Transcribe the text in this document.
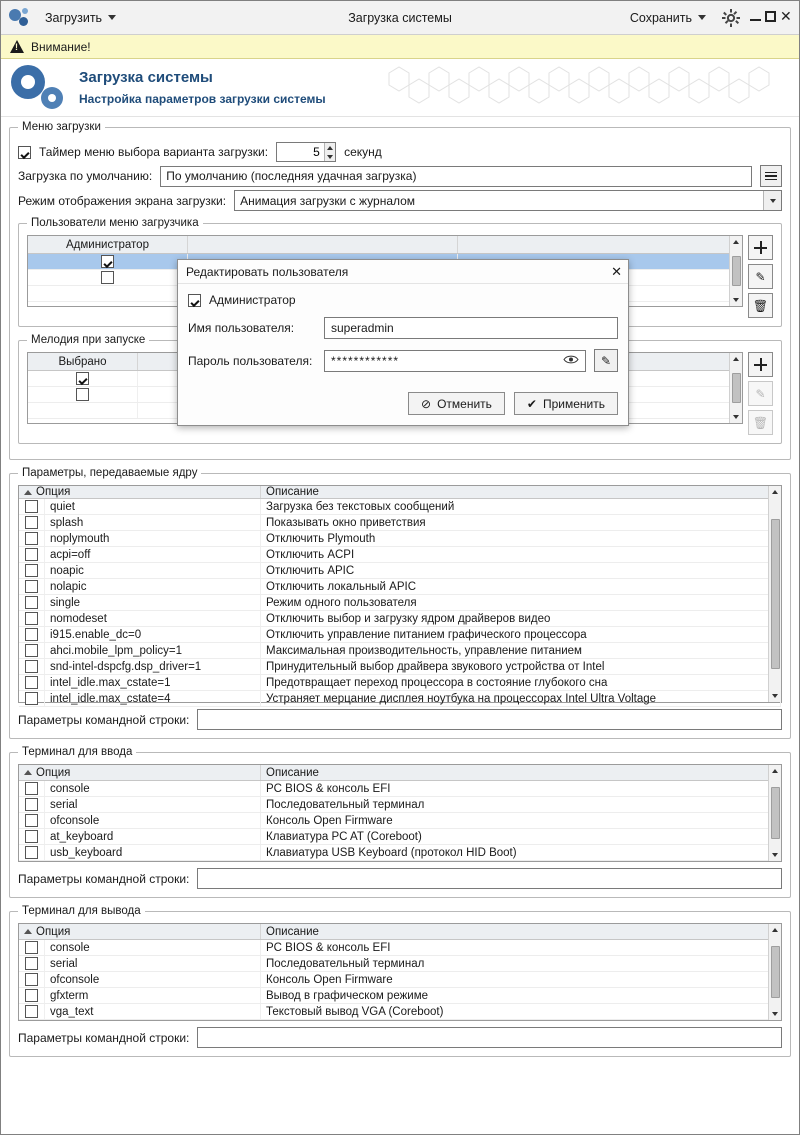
Загрузить	Загрузка системы	Сохранить	✕
!
Внимание!
Загрузка системы
Настройка параметров загрузки системы
Меню загрузки
Таймер меню выбора варианта загрузки:
5	секунд
Загрузка по умолчанию:	По умолчанию (последняя удачная загрузка)
Режим отображения экрана загрузки: Анимация загрузки с журналом
Пользователи меню загрузчика
Администратор
✎
🗑
Мелодия при запуске
Выбрано
✎
🗑
Параметры, передаваемые ядру
Опция	Описание
quiet	Загрузка без текстовых сообщений
splash	Показывать окно приветствия
noplymouth	Отключить Plymouth
acpi=off	Отключить ACPI
noapic	Отключить APIC
nolapic	Отключить локальный APIC
single	Режим одного пользователя
nomodeset	Отключить выбор и загрузку ядром драйверов видео
i915.enable_dc=0	Отключить управление питанием графического процессора
ahci.mobile_lpm_policy=1	Максимальная производительность, управление питанием
snd-intel-dspcfg.dsp_driver=1	Принудительный выбор драйвера звукового устройства от Intel
intel_idle.max_cstate=1	Предотвращает переход процессора в состояние глубокого сна
intel_idle.max_cstate=4	Устраняет мерцание дисплея ноутбука на процессорах Intel Ultra Voltage
Параметры командной строки:
Терминал для ввода
Опция	Описание
console	PC BIOS & консоль EFI
serial	Последовательный терминал
ofconsole	Консоль Open Firmware
at_keyboard	Клавиатура PC AT (Coreboot)
usb_keyboard	Клавиатура USB Keyboard (протокол HID Boot)
Параметры командной строки:
Терминал для вывода
Опция	Описание
console	PC BIOS & консоль EFI
serial	Последовательный терминал
ofconsole	Консоль Open Firmware
gfxterm	Вывод в графическом режиме
vga_text	Текстовый вывод VGA (Coreboot)
Параметры командной строки:
Редактировать пользователя	✕
Администратор
Имя пользователя:	superadmin
Пароль пользователя:	************	✎
⊘ Отменить	✔ Применить
